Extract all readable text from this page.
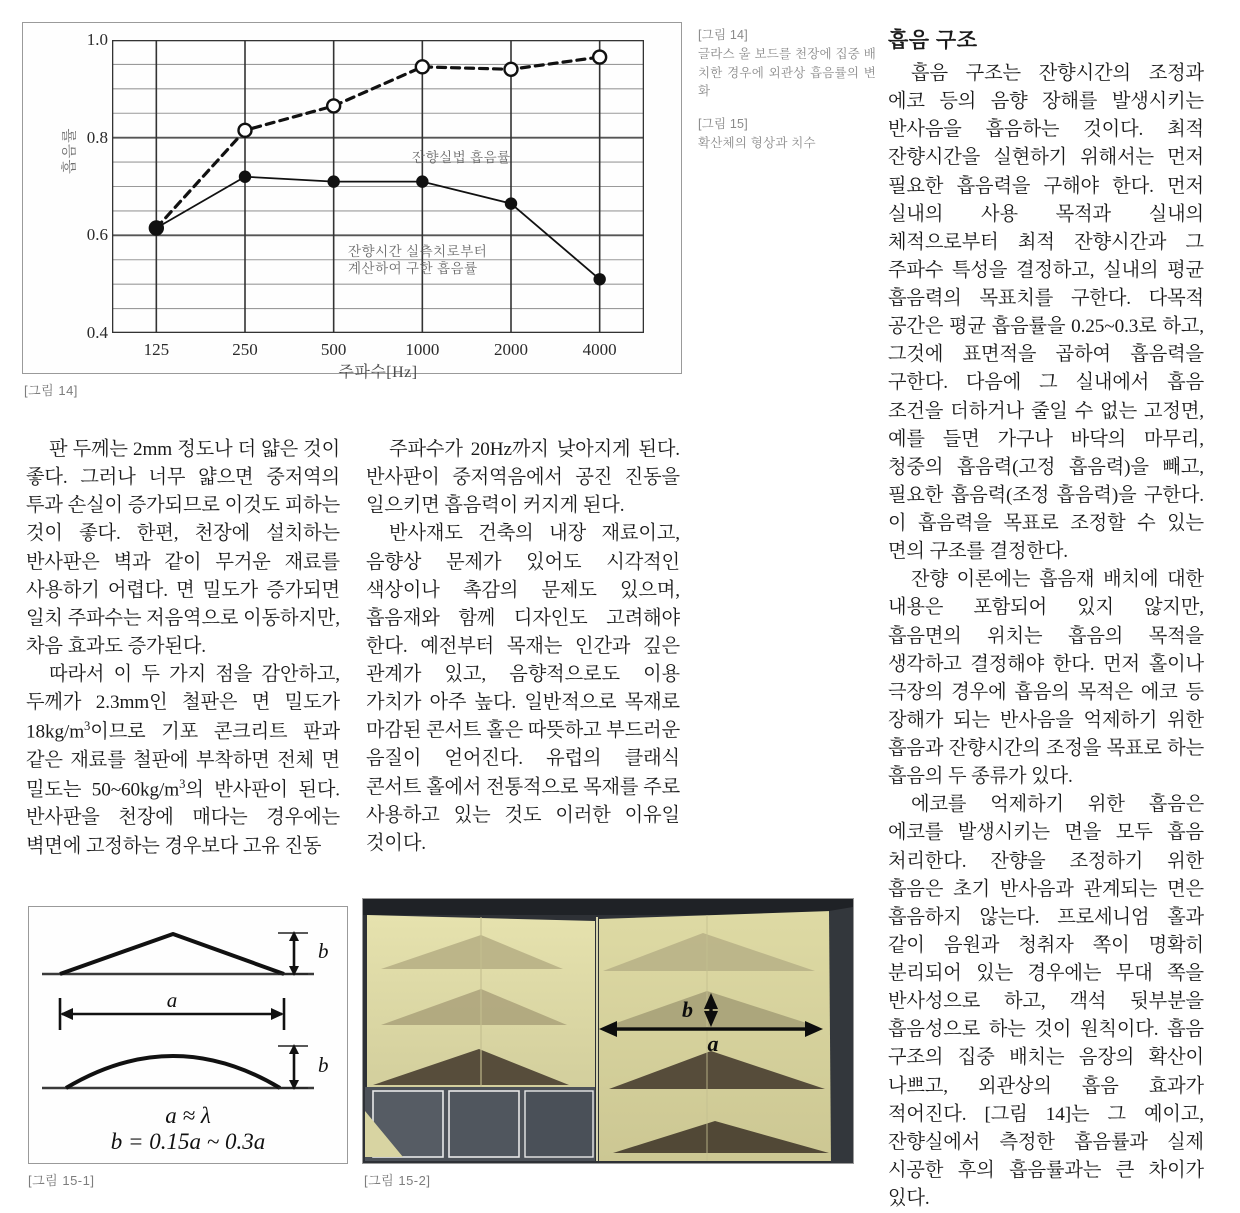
흡음률
1.0
0.8
0.6
0.4
잔향실법 흡음률
잔향시간 실측치로부터
계산하여 구한 흡음률
125	250	500	1000	2000	4000
주파수[Hz]
[그림 14]
[그림 14]
글라스 울 보드를 천장에 집중 배치한 경우에 외관상 흡음률의 변화
[그림 15]
확산체의 형상과 치수
흡음 구조

흡음 구조는 잔향시간의 조정과 에코 등의 음향 장해를 발생시키는 반사음을 흡음하는 것이다. 최적 잔향시간을 실현하기 위해서는 먼저 필요한 흡음력을 구해야 한다. 먼저 실내의 사용 목적과 실내의 체적으로부터 최적 잔향시간과 그 주파수 특성을 결정하고, 실내의 평균 흡음력의 목표치를 구한다. 다목적 공간은 평균 흡음률을 0.25~0.3로 하고, 그것에 표면적을 곱하여 흡음력을 구한다. 다음에 그 실내에서 흡음 조건을 더하거나 줄일 수 없는 고정면, 예를 들면 가구나 바닥의 마무리, 청중의 흡음력(고정 흡음력)을 빼고, 필요한 흡음력(조정 흡음력)을 구한다. 이 흡음력을 목표로 조정할 수 있는 면의 구조를 결정한다.

잔향 이론에는 흡음재 배치에 대한 내용은 포함되어 있지 않지만, 흡음면의 위치는 흡음의 목적을 생각하고 결정해야 한다. 먼저 홀이나 극장의 경우에 흡음의 목적은 에코 등 장해가 되는 반사음을 억제하기 위한 흡음과 잔향시간의 조정을 목표로 하는 흡음의 두 종류가 있다.

에코를 억제하기 위한 흡음은 에코를 발생시키는 면을 모두 흡음 처리한다. 잔향을 조정하기 위한 흡음은 초기 반사음과 관계되는 면은 흡음하지 않는다. 프로세니엄 홀과 같이 음원과 청취자 쪽이 명확히 분리되어 있는 경우에는 무대 쪽을 반사성으로 하고, 객석 뒷부분을 흡음성으로 하는 것이 원칙이다. 흡음 구조의 집중 배치는 음장의 확산이 나쁘고, 외관상의 흡음 효과가 적어진다. [그림 14]는 그 예이고, 잔향실에서 측정한 흡음률과 실제 시공한 후의 흡음률과는 큰 차이가 있다.

판 두께는 2mm 정도나 더 얇은 것이 좋다. 그러나 너무 얇으면 중저역의 투과 손실이 증가되므로 이것도 피하는 것이 좋다. 한편, 천장에 설치하는 반사판은 벽과 같이 무거운 재료를 사용하기 어렵다. 면 밀도가 증가되면 일치 주파수는 저음역으로 이동하지만, 차음 효과도 증가된다.

따라서 이 두 가지 점을 감안하고, 두께가 2.3mm인 철판은 면 밀도가 $18kg/m^3$이므로 기포 콘크리트 판과 같은 재료를 철판에 부착하면 전체 면 밀도는 $50\sim 60kg/m^3$의 반사판이 된다. 반사판을 천장에 매다는 경우에는 벽면에 고정하는 경우보다 고유 진동

주파수가 20Hz까지 낮아지게 된다. 반사판이 중저역음에서 공진 진동을 일으키면 흡음력이 커지게 된다.

반사재도 건축의 내장 재료이고, 음향상 문제가 있어도 시각적인 색상이나 촉감의 문제도 있으며, 흡음재와 함께 디자인도 고려해야 한다. 예전부터 목재는 인간과 깊은 관계가 있고, 음향적으로도 이용 가치가 아주 높다. 일반적으로 목재로 마감된 콘서트 홀은 따뜻하고 부드러운 음질이 얻어진다. 유럽의 클래식 콘서트 홀에서 전통적으로 목재를 주로 사용하고 있는 것도 이러한 이유일 것이다.

b
a
b
a ≈ λ
b = 0.15a ~ 0.3a
[그림 15-1]
a
b
[그림 15-2]
